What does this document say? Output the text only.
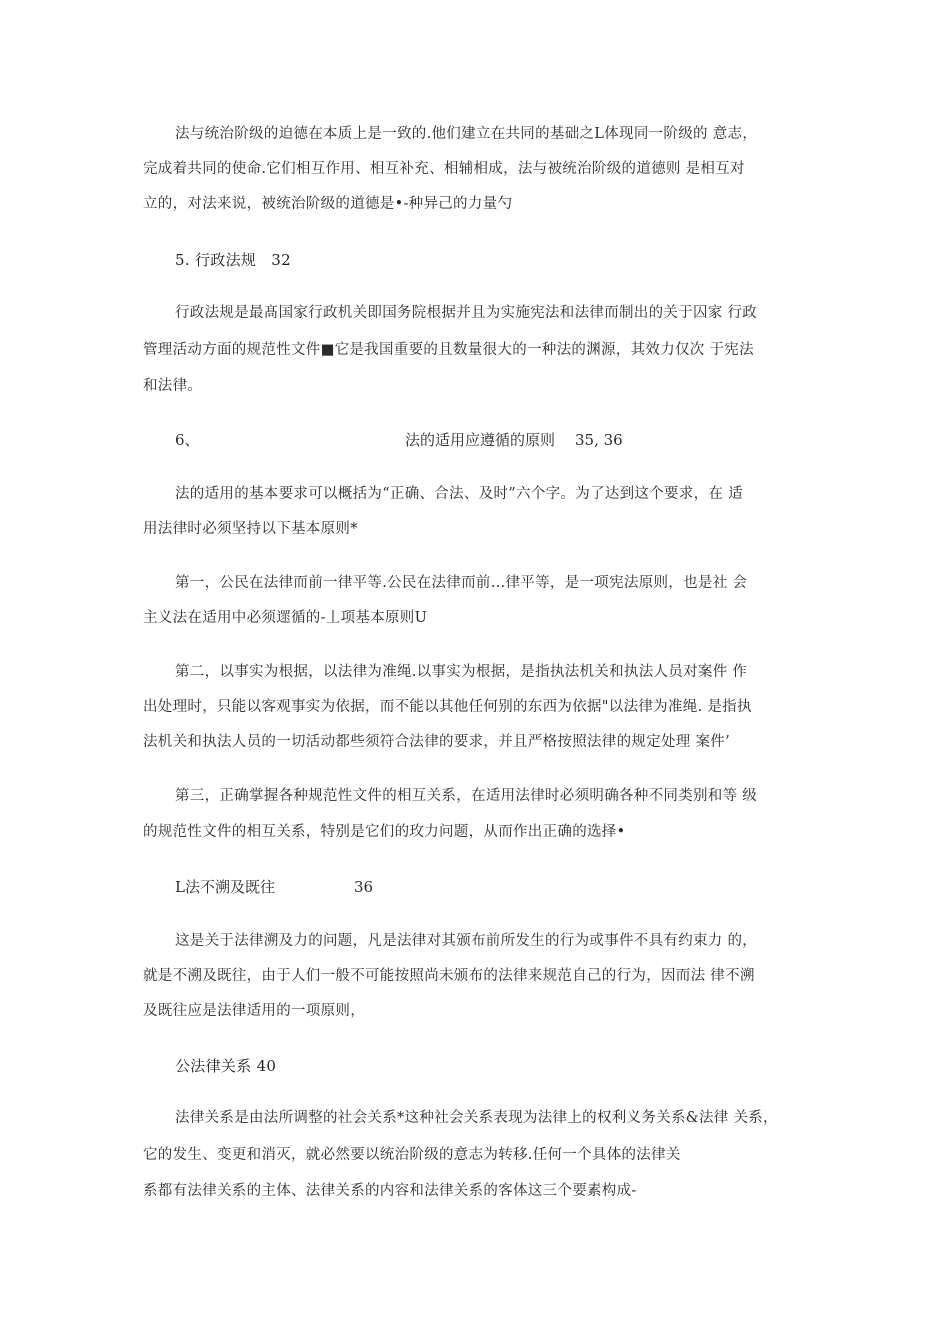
法与统治阶级的迫德在本质上是一致的.他们建立在共同的基础之L体现同一阶级的 意志，
完成着共同的使命.它们相互作用、相互补充、相辅相成，法与被统治阶级的道德则 是相互对
立的，对法来说，被统治阶级的道德是•-种异己的力量勺
5. 行政法规 32
行政法规是最髙国家行政机关即国务院根据并且为实施宪法和法律而制出的关于囚家 行政
管理活动方面的规范性文件■它是我国重要的且数量很大的一种法的渊源，其效力仅次 于宪法
和法律。
6、	法的适用应遵循的原则 35, 36
法的适用的基本要求可以概括为“正确、合法、及时”六个字。为了达到这个要求，在 适
用法律时必须坚持以下基本原则*
第一，公民在法律而前一律平等.公民在法律而前…律平等，是一项宪法原则，也是社 会
主义法在适用中必须遝循的-丄项基本原则U
第二，以事实为根据，以法律为准绳.以事实为根据，是指执法机关和执法人员对案件 作
出处理时，只能以客观事实为依据，而不能以其他任何别的东西为依据"以法律为准绳. 是指执
法机关和执法人员的一切活动都些须符合法律的要求，并且严格按照法律的规定处理 案件’
第三，正确掌握各种规范性文件的相互关系，在适用法律时必须明确各种不同类别和等 级
的规范性文件的相互关系，特别是它们的玫力问题，从而作出正确的选择•
L法不溯及既往	36
这是关于法律溯及力的问题，凡是法律对其颁布前所发生的行为或事件不具有约束力 的，
就是不溯及既往，由于人们一般不可能按照尚未颁布的法律来规范自己的行为，因而法 律不溯
及既往应是法律适用的一项原则，
公法律关系 40
法律关系是由法所调整的社会关系*这种社会关系表现为法律上的权利义务关系&法律 关系，
它的发生、变更和消灭，就必然要以统治阶级的意志为转移.任何一个具体的法律关
系都有法律关系的主体、法律关系的内容和法律关系的客体这三个要素构成-
